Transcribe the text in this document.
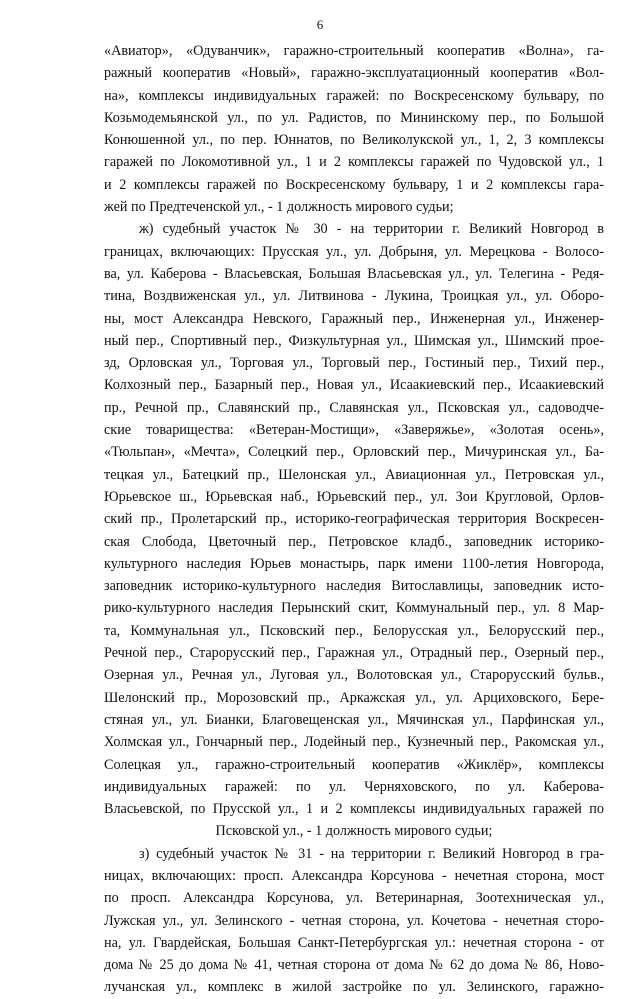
6
«Авиатор», «Одуванчик», гаражно-строительный кооператив «Волна», га-
ражный кооператив «Новый», гаражно-эксплуатационный кооператив «Вол-
на», комплексы индивидуальных гаражей: по Воскресенскому бульвару, по
Козьмодемьянской ул., по ул. Радистов, по Мининскому пер., по Большой
Конюшенной ул., по пер. Юннатов, по Великолукской ул., 1, 2, 3 комплексы
гаражей по Локомотивной ул., 1 и 2 комплексы гаражей по Чудовской ул., 1
и 2 комплексы гаражей по Воскресенскому бульвару, 1 и 2 комплексы гара-
жей по Предтеченской ул., - 1 должность мирового судьи;
ж) судебный участок № 30 - на территории г. Великий Новгород в
границах, включающих: Прусская ул., ул. Добрыня, ул. Мерецкова - Волосо-
ва, ул. Каберова - Власьевская, Большая Власьевская ул., ул. Телегина - Редя-
тина, Воздвиженская ул., ул. Литвинова - Лукина, Троицкая ул., ул. Оборо-
ны, мост Александра Невского, Гаражный пер., Инженерная ул., Инженер-
ный пер., Спортивный пер., Физкультурная ул., Шимская ул., Шимский прое-
зд, Орловская ул., Торговая ул., Торговый пер., Гостиный пер., Тихий пер.,
Колхозный пер., Базарный пер., Новая ул., Исаакиевский пер., Исаакиевский
пр., Речной пр., Славянский пр., Славянская ул., Псковская ул., садоводче-
ские товарищества: «Ветеран-Мостищи», «Заверяжье», «Золотая осень»,
«Тюльпан», «Мечта», Солецкий пер., Орловский пер., Мичуринская ул., Ба-
тецкая ул., Батецкий пр., Шелонская ул., Авиационная ул., Петровская ул.,
Юрьевское ш., Юрьевская наб., Юрьевский пер., ул. Зои Кругловой, Орлов-
ский пр., Пролетарский пр., историко-географическая территория Воскресен-
ская Слобода, Цветочный пер., Петровское кладб., заповедник историко-
культурного наследия Юрьев монастырь, парк имени 1100-летия Новгорода,
заповедник историко-культурного наследия Витославлицы, заповедник исто-
рико-культурного наследия Перынский скит, Коммунальный пер., ул. 8 Мар-
та, Коммунальная ул., Псковский пер., Белорусская ул., Белорусский пер.,
Речной пер., Старорусский пер., Гаражная ул., Отрадный пер., Озерный пер.,
Озерная ул., Речная ул., Луговая ул., Волотовская ул., Старорусский бульв.,
Шелонский пр., Морозовский пр., Аркажская ул., ул. Арциховского, Бере-
стяная ул., ул. Бианки, Благовещенская ул., Мячинская ул., Парфинская ул.,
Холмская ул., Гончарный пер., Лодейный пер., Кузнечный пер., Ракомская ул.,
Солецкая ул., гаражно-строительный кооператив «Жиклёр», комплексы
индивидуальных гаражей: по ул. Черняховского, по ул. Каберова-
Власьевской, по Прусской ул., 1 и 2 комплексы индивидуальных гаражей по
Псковской ул., - 1 должность мирового судьи;
з) судебный участок № 31 - на территории г. Великий Новгород в гра-
ницах, включающих: просп. Александра Корсунова - нечетная сторона, мост
по просп. Александра Корсунова, ул. Ветеринарная, Зоотехническая ул.,
Лужская ул., ул. Зелинского - четная сторона, ул. Кочетова - нечетная сторо-
на, ул. Гвардейская, Большая Санкт-Петербургская ул.: нечетная сторона - от
дома № 25 до дома № 41, четная сторона от дома № 62 до дома № 86, Ново-
лучанская ул., комплекс в жилой застройке по ул. Зелинского, гаражно-
